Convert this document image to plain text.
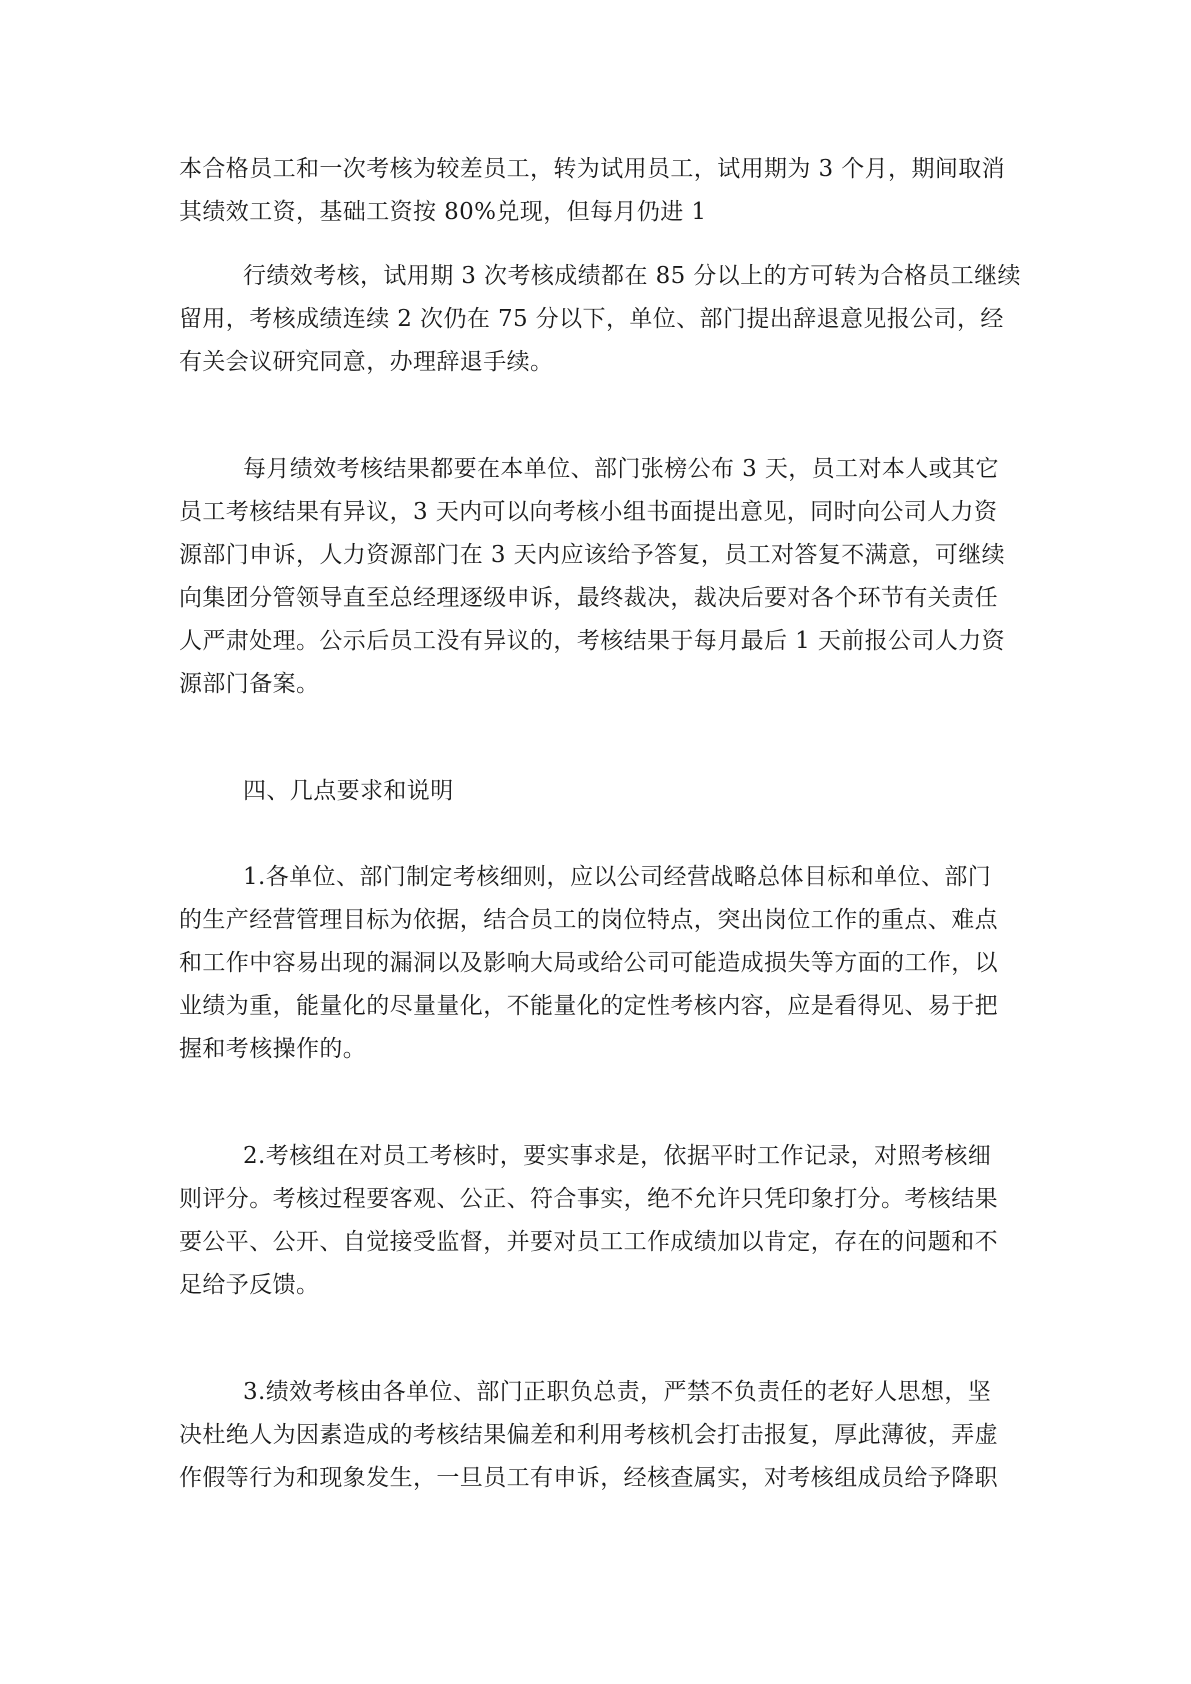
本合格员工和一次考核为较差员工，转为试用员工，试用期为 3 个月，期间取消
其绩效工资，基础工资按 80%兑现，但每月仍进 1
行绩效考核，试用期 3 次考核成绩都在 85 分以上的方可转为合格员工继续
留用，考核成绩连续 2 次仍在 75 分以下，单位、部门提出辞退意见报公司，经
有关会议研究同意，办理辞退手续。
每月绩效考核结果都要在本单位、部门张榜公布 3 天，员工对本人或其它
员工考核结果有异议，3 天内可以向考核小组书面提出意见，同时向公司人力资
源部门申诉，人力资源部门在 3 天内应该给予答复，员工对答复不满意，可继续
向集团分管领导直至总经理逐级申诉，最终裁决，裁决后要对各个环节有关责任
人严肃处理。公示后员工没有异议的，考核结果于每月最后 1 天前报公司人力资
源部门备案。
四、几点要求和说明
1.各单位、部门制定考核细则，应以公司经营战略总体目标和单位、部门
的生产经营管理目标为依据，结合员工的岗位特点，突出岗位工作的重点、难点
和工作中容易出现的漏洞以及影响大局或给公司可能造成损失等方面的工作，以
业绩为重，能量化的尽量量化，不能量化的定性考核内容，应是看得见、易于把
握和考核操作的。
2.考核组在对员工考核时，要实事求是，依据平时工作记录，对照考核细
则评分。考核过程要客观、公正、符合事实，绝不允许只凭印象打分。考核结果
要公平、公开、自觉接受监督，并要对员工工作成绩加以肯定，存在的问题和不
足给予反馈。
3.绩效考核由各单位、部门正职负总责，严禁不负责任的老好人思想，坚
决杜绝人为因素造成的考核结果偏差和利用考核机会打击报复，厚此薄彼，弄虚
作假等行为和现象发生，一旦员工有申诉，经核查属实，对考核组成员给予降职
